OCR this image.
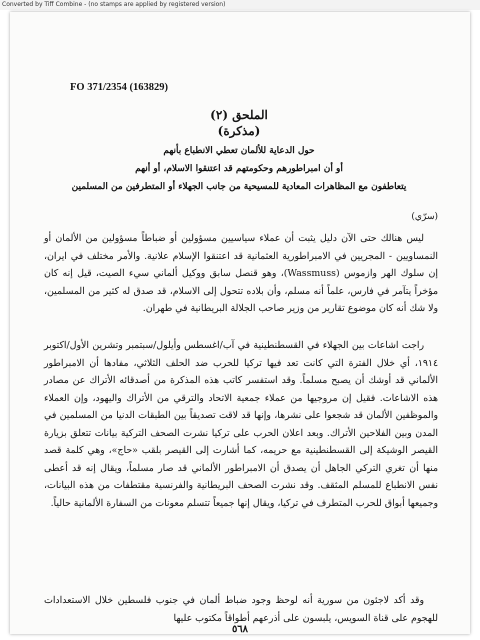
Converted by Tiff Combine - (no stamps are applied by registered version)
FO 371/2354 (163829)
الملحق (٢)
(مذكرة)
حول الدعاية للألمان تعطي الانطباع بأنهم
أو أن امبراطورهم وحكومتهم قد اعتنقوا الاسلام، أو أنهم
يتعاطفون مع المظاهرات المعادية للمسيحية من جانب الجهلاء أو المتطرفين من المسلمين
(سرّي)

ليس هنالك حتى الآن دليل يثبت أن عملاء سياسيين مسؤولين أو ضباطاً مسؤولين من الألمان أو النمساويين - المجريين في الامبراطورية العثمانية قد اعتنقوا الإسلام علانية. والأمر مختلف في ايران، إن سلوك الهر وازموس (Wassmuss)، وهو قنصل سابق ووكيل ألماني سيء الصيت، قيل إنه كان مؤخراً يتآمر في فارس، علماً أنه مسلم، وأن بلاده تتحول إلى الاسلام، قد صدق له كثير من المسلمين، ولا شك أنه كان موضوع تقارير من وزير صاحب الجلالة البريطانية في طهران.

راجت اشاعات بين الجهلاء في القسطنطينية في آب/اغسطس وأيلول/سبتمبر وتشرين الأول/اكتوبر ١٩١٤، أي خلال الفترة التي كانت تعد فيها تركيا للحرب ضد الحلف الثلاثي، مفادها أن الامبراطور الألماني قد أوشك أن يصبح مسلماً. وقد استفسر كاتب هذه المذكرة من أصدقائه الأتراك عن مصادر هذه الاشاعات. فقيل إن مروجيها من عملاء جمعية الاتحاد والترقي من الأتراك واليهود، وإن العملاء والموظفين الألمان قد شجعوا على نشرها، وإنها قد لاقت تصديقاً بين الطبقات الدنيا من المسلمين في المدن وبين الفلاحين الأتراك. وبعد اعلان الحرب على تركيا نشرت الصحف التركية بيانات تتعلق بزيارة القيصر الوشيكة إلى القسطنطينية مع حريمه، كما أشارت إلى القيصر بلقب «حاج»، وهي كلمة قصد منها أن تغري التركي الجاهل أن يصدق أن الامبراطور الألماني قد صار مسلماً، ويقال إنه قد أعطى نفس الانطباع للمسلم المثقف. وقد نشرت الصحف البريطانية والفرنسية مقتطفات من هذه البيانات، وجميعها أبواق للحرب المتطرف في تركيا، ويقال إنها جميعاً تتسلم معونات من السفارة الألمانية حالياً.

وقد أكد لاجئون من سورية أنه لوحظ وجود ضباط ألمان في جنوب فلسطين خلال الاستعدادات للهجوم على قناة السويس، يلبسون على أذرعهم أطواقاً مكتوب عليها

٥٦٨
